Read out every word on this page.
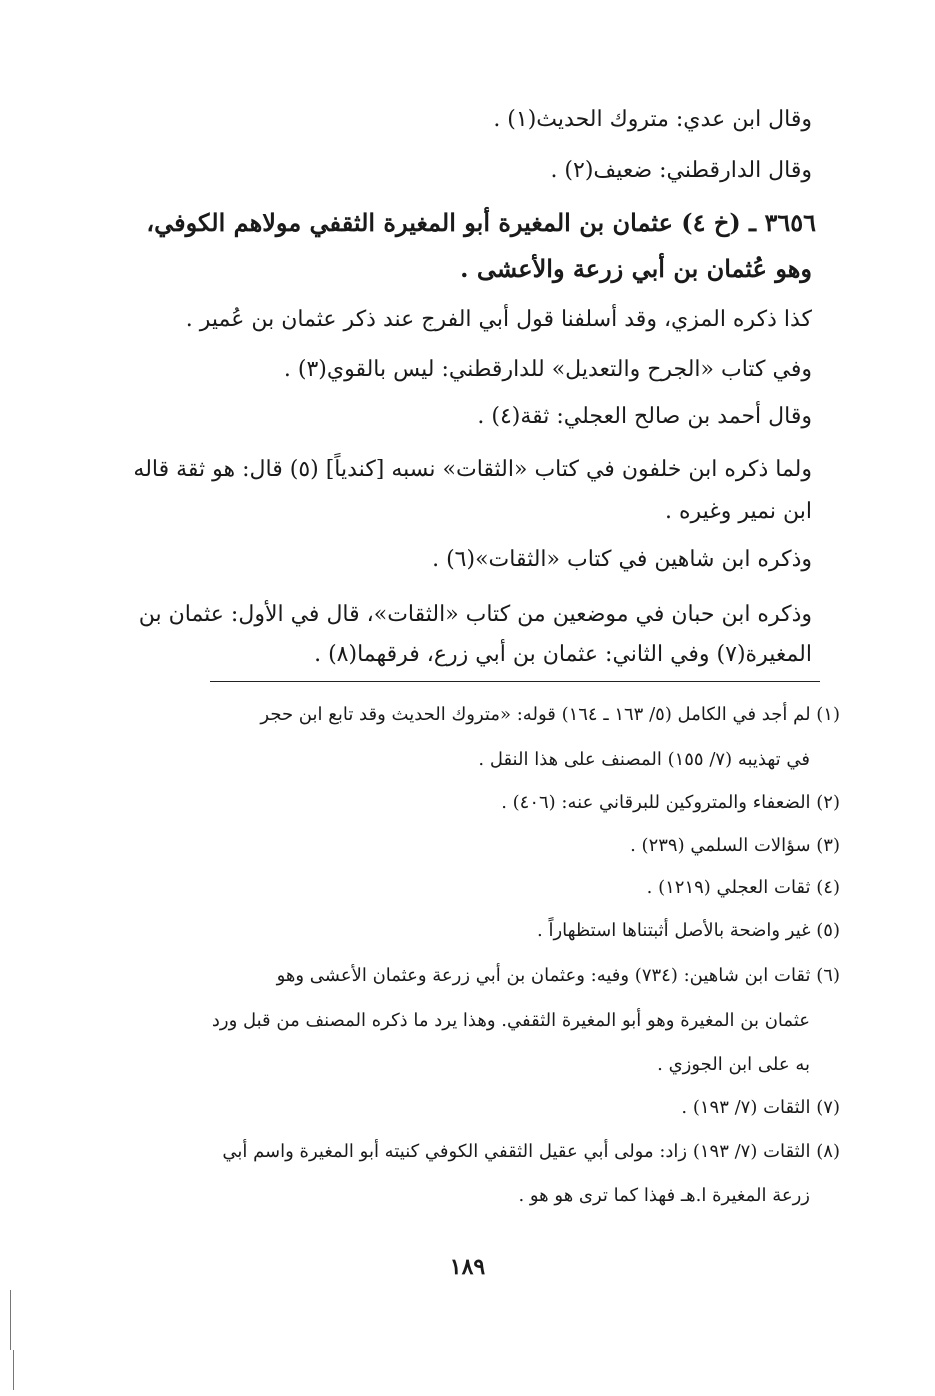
وقال ابن عدي: متروك الحديث(١) .
وقال الدارقطني: ضعيف(٢) .
٣٦٥٦ ـ (خ ٤) عثمان بن المغيرة أبو المغيرة الثقفي مولاهم الكوفي،
وهو عُثمان بن أبي زرعة والأعشى .
كذا ذكره المزي، وقد أسلفنا قول أبي الفرج عند ذكر عثمان بن عُمير .
وفي كتاب «الجرح والتعديل» للدارقطني: ليس بالقوي(٣) .
وقال أحمد بن صالح العجلي: ثقة(٤) .
ولما ذكره ابن خلفون في كتاب «الثقات» نسبه [كندياً] (٥) قال: هو ثقة قاله
ابن نمير وغيره .
وذكره ابن شاهين في كتاب «الثقات»(٦) .
وذكره ابن حبان في موضعين من كتاب «الثقات»، قال في الأول: عثمان بن
المغيرة(٧) وفي الثاني: عثمان بن أبي زرع، فرقهما(٨) .
(١) لم أجد في الكامل (٥/ ١٦٣ ـ ١٦٤) قوله: «متروك الحديث وقد تابع ابن حجر
في تهذيبه (٧/ ١٥٥) المصنف على هذا النقل .
(٢) الضعفاء والمتروكين للبرقاني عنه: (٤٠٦) .
(٣) سؤالات السلمي (٢٣٩) .
(٤) ثقات العجلي (١٢١٩) .
(٥) غير واضحة بالأصل أثبتناها استظهاراً .
(٦) ثقات ابن شاهين: (٧٣٤) وفيه: وعثمان بن أبي زرعة وعثمان الأعشى وهو
عثمان بن المغيرة وهو أبو المغيرة الثقفي. وهذا يرد ما ذكره المصنف من قبل ورد
به على ابن الجوزي .
(٧) الثقات (٧/ ١٩٣) .
(٨) الثقات (٧/ ١٩٣) زاد: مولى أبي عقيل الثقفي الكوفي كنيته أبو المغيرة واسم أبي
زرعة المغيرة ا.هـ فهذا كما ترى هو هو .
١٨٩
